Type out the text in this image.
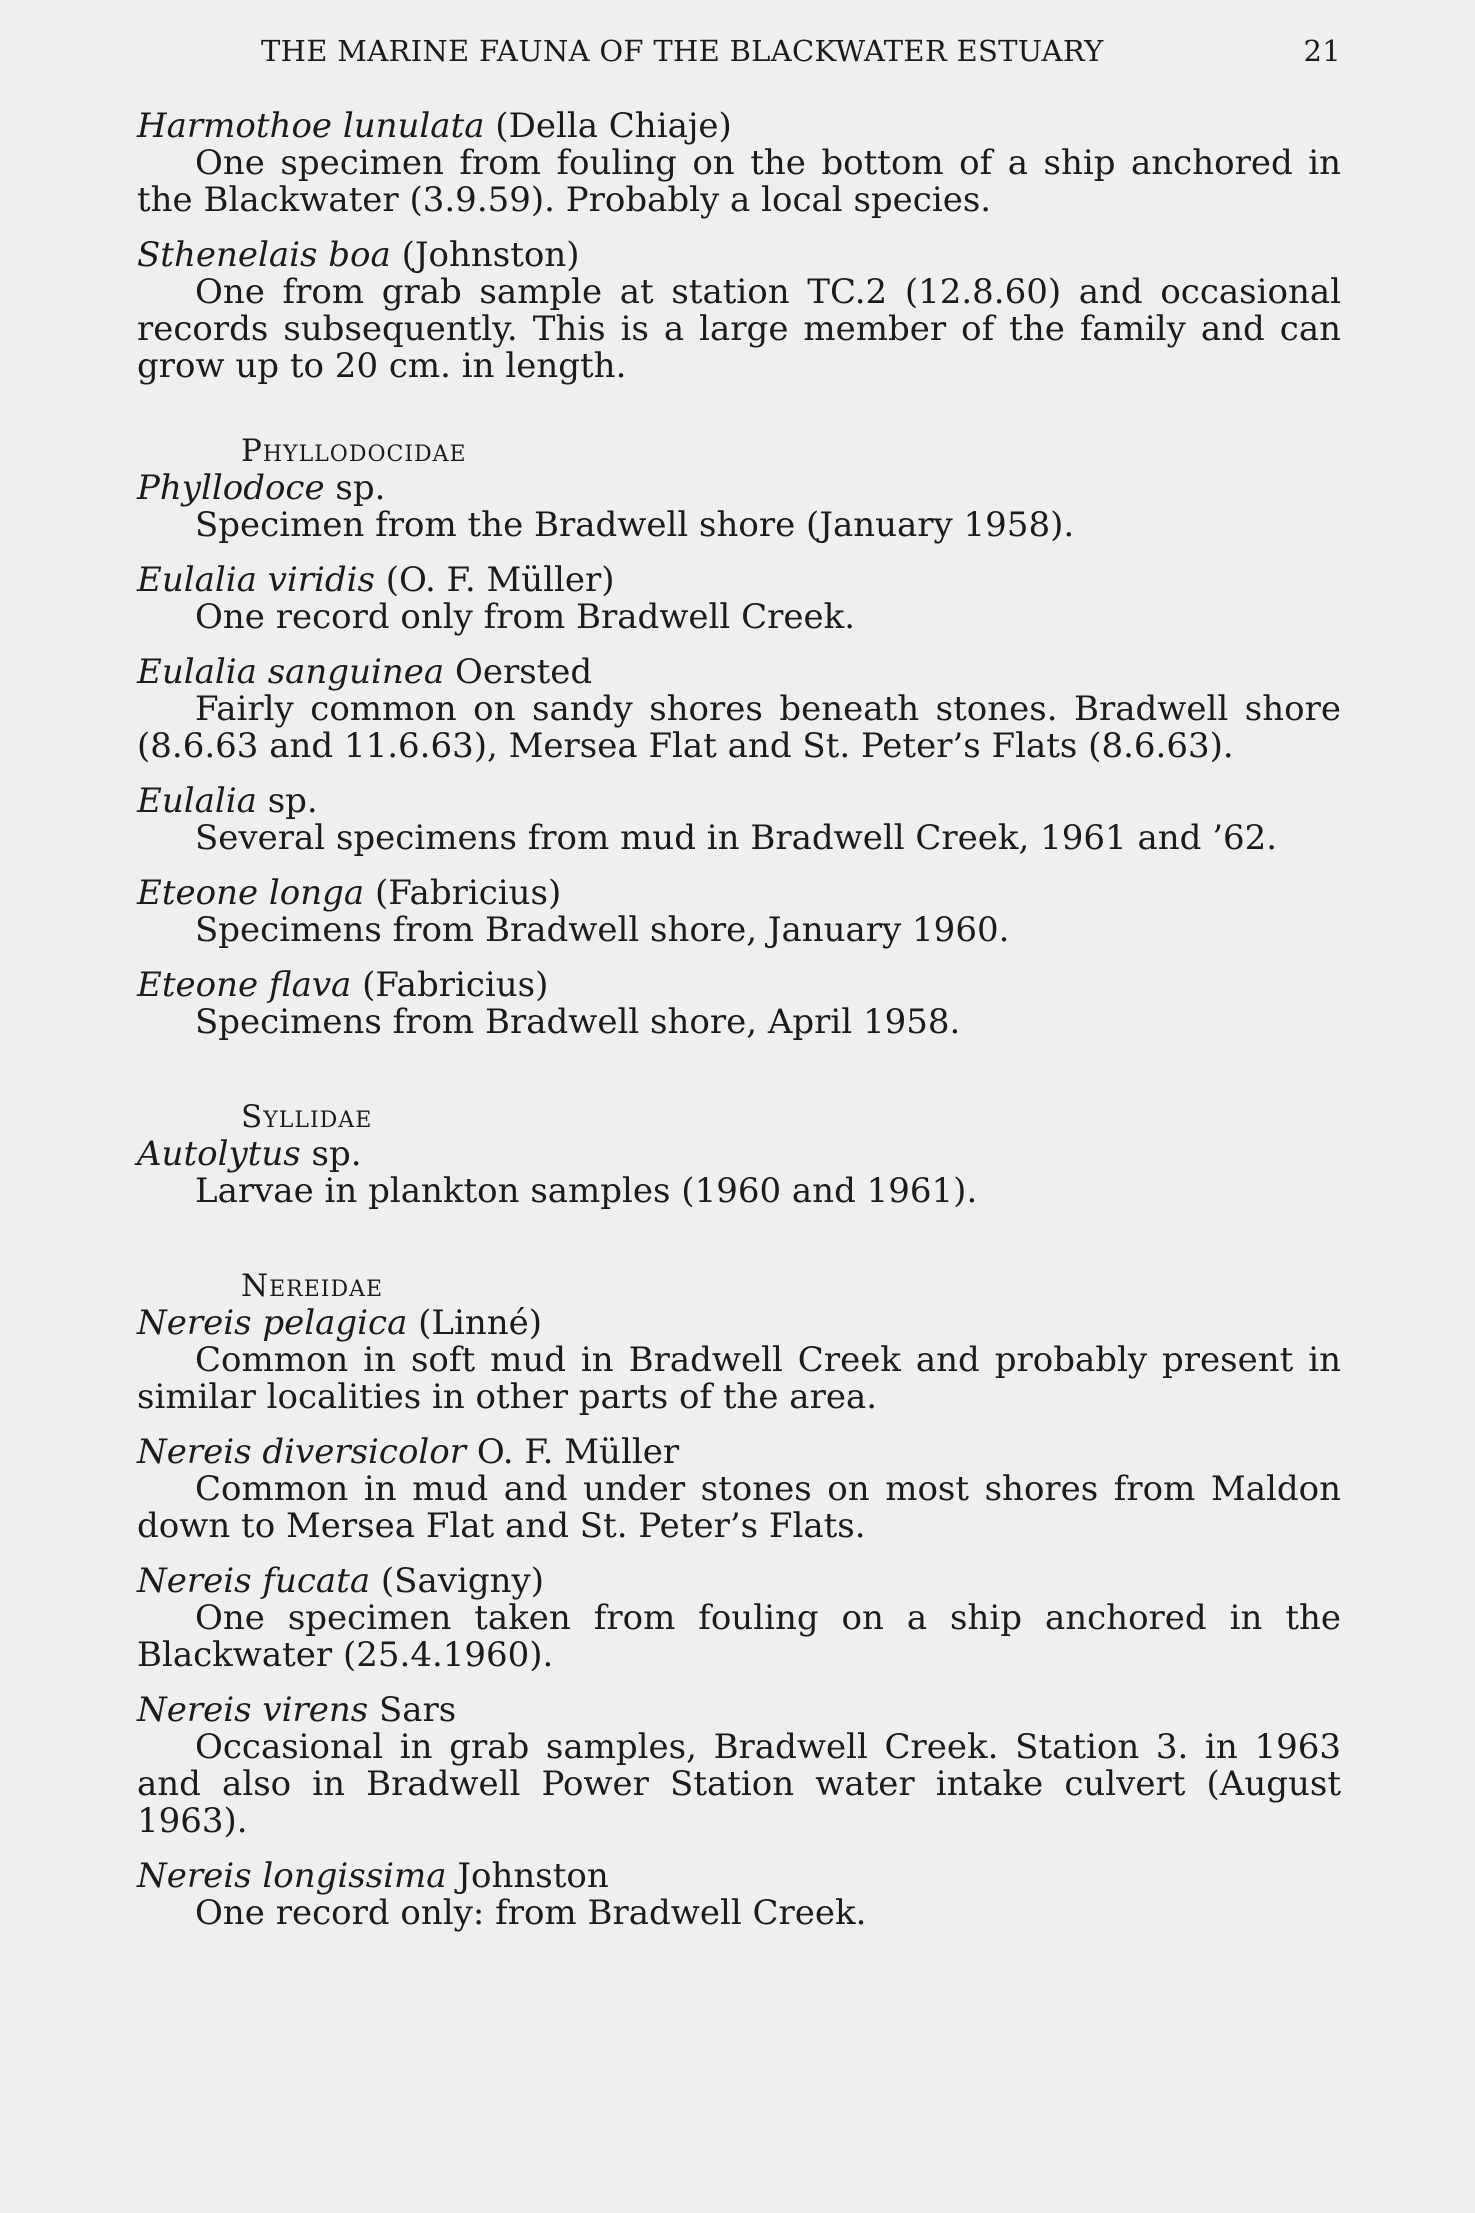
THE MARINE FAUNA OF THE BLACKWATER ESTUARY	21
Harmothoe lunulata (Della Chiaje)

One specimen from fouling on the bottom of a ship anchored in the Blackwater (3.9.59). Probably a local species.

Sthenelais boa (Johnston)

One from grab sample at station TC.2 (12.8.60) and occasional records subsequently. This is a large member of the family and can grow up to 20 cm. in length.

Phyllodocidae
Phyllodoce sp.

Specimen from the Bradwell shore (January 1958).

Eulalia viridis (O. F. Müller)

One record only from Bradwell Creek.

Eulalia sanguinea Oersted

Fairly common on sandy shores beneath stones. Bradwell shore (8.6.63 and 11.6.63), Mersea Flat and St. Peter’s Flats (8.6.63).

Eulalia sp.

Several specimens from mud in Bradwell Creek, 1961 and ’62.

Eteone longa (Fabricius)

Specimens from Bradwell shore, January 1960.

Eteone flava (Fabricius)

Specimens from Bradwell shore, April 1958.

Syllidae
Autolytus sp.

Larvae in plankton samples (1960 and 1961).

Nereidae
Nereis pelagica (Linné)

Common in soft mud in Bradwell Creek and probably present in similar localities in other parts of the area.

Nereis diversicolor O. F. Müller

Common in mud and under stones on most shores from Maldon down to Mersea Flat and St. Peter’s Flats.

Nereis fucata (Savigny)

One specimen taken from fouling on a ship anchored in the Blackwater (25.4.1960).

Nereis virens Sars

Occasional in grab samples, Bradwell Creek. Station 3. in 1963 and also in Bradwell Power Station water intake culvert (August 1963).

Nereis longissima Johnston

One record only: from Bradwell Creek.
